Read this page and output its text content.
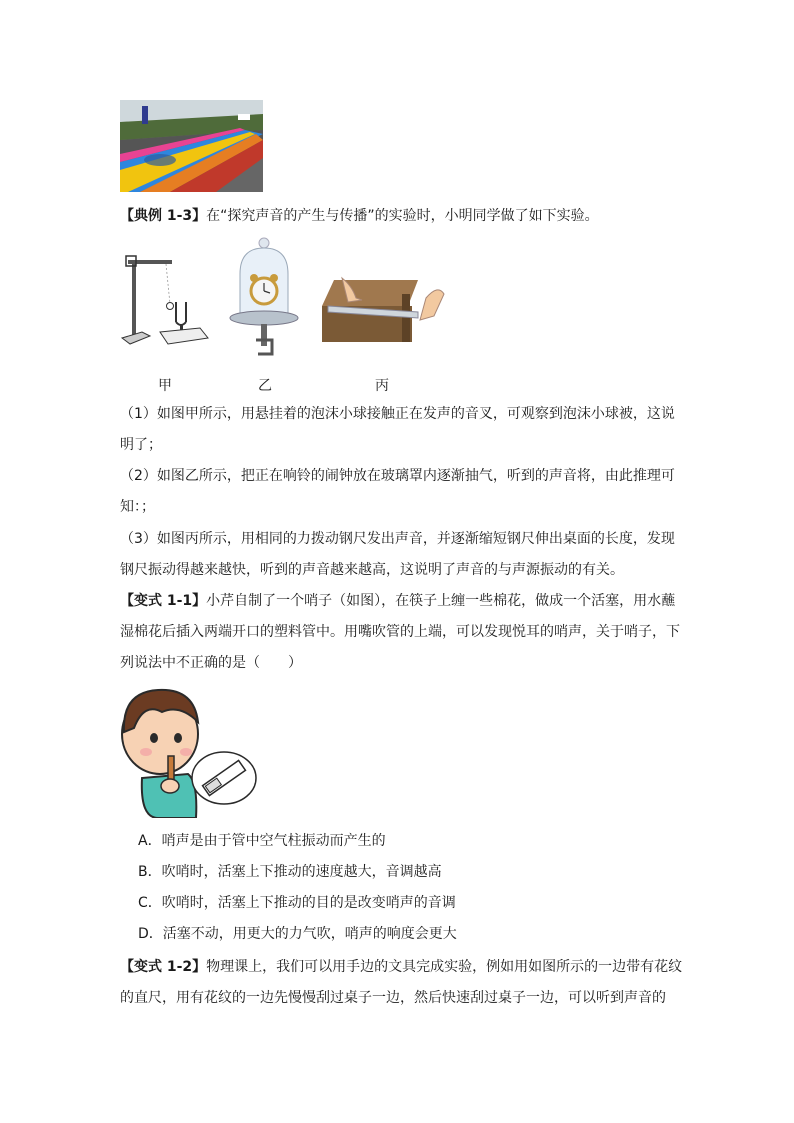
【典例 1-3】在“探究声音的产生与传播”的实验时，小明同学做了如下实验。
甲	乙	丙
（1）如图甲所示，用悬挂着的泡沫小球接触正在发声的音叉，可观察到泡沫小球被，这说
明了；
（2）如图乙所示，把正在响铃的闹钟放在玻璃罩内逐渐抽气，听到的声音将，由此推理可
知：；
（3）如图丙所示，用相同的力拨动钢尺发出声音，并逐渐缩短钢尺伸出桌面的长度，发现
钢尺振动得越来越快，听到的声音越来越高，这说明了声音的与声源振动的有关。
【变式 1-1】小芹自制了一个哨子（如图），在筷子上缠一些棉花，做成一个活塞，用水蘸
湿棉花后插入两端开口的塑料管中。用嘴吹管的上端，可以发现悦耳的哨声，关于哨子，下
列说法中不正确的是（　　）
A．哨声是由于管中空气柱振动而产生的
B．吹哨时，活塞上下推动的速度越大，音调越高
C．吹哨时，活塞上下推动的目的是改变哨声的音调
D．活塞不动，用更大的力气吹，哨声的响度会更大
【变式 1-2】物理课上，我们可以用手边的文具完成实验，例如用如图所示的一边带有花纹
的直尺，用有花纹的一边先慢慢刮过桌子一边，然后快速刮过桌子一边，可以听到声音的
